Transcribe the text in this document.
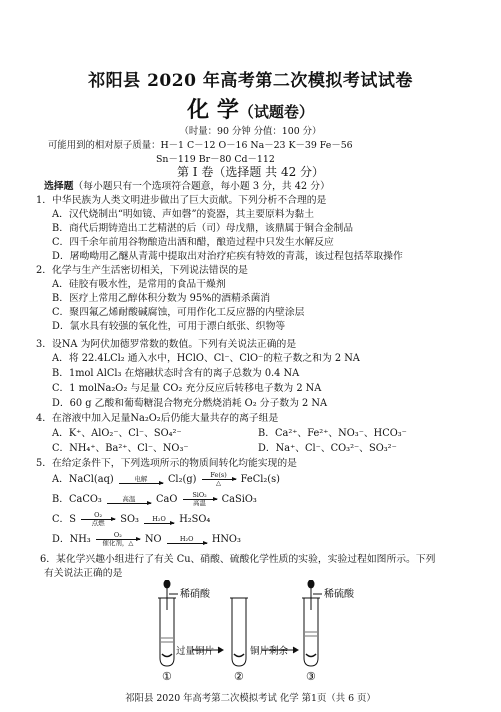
祁阳县 2020 年高考第二次模拟考试试卷
化 学（试题卷）
（时量：90 分钟 分值：100 分）
可能用到的相对原子质量：H－1 C－12 O－16 Na－23 K－39 Fe－56
Sn－119 Br－80 Cd－112
第 I 卷（选择题 共 42 分）
选择题（每小题只有一个选项符合题意，每小题 3 分，共 42 分）
1．中华民族为人类文明进步做出了巨大贡献。下列分析不合理的是
A．汉代烧制出“明如镜、声如磬”的瓷器，其主要原料为黏土
B．商代后期铸造出工艺精湛的后（司）母戊鼎，该鼎属于铜合金制品
C．四千余年前用谷物酿造出酒和醋，酿造过程中只发生水解反应
D．屠呦呦用乙醚从青蒿中提取出对治疗疟疾有特效的青蒿，该过程包括萃取操作
2．化学与生产生活密切相关，下列说法错误的是
A．硅胶有吸水性，是常用的食品干燥剂
B．医疗上常用乙醇体积分数为 95%的酒精杀菌消
C．聚四氟乙烯耐酸碱腐蚀，可用作化工反应器的内壁涂层
D．氯水具有较强的氧化性，可用于漂白纸张、织物等
3．设NA 为阿伏加德罗常数的数值。下列有关说法正确的是
A．将 22.4LCl₂ 通入水中，HClO、Cl⁻、ClO⁻的粒子数之和为 2 NA
B．1mol AlCl₃ 在熔融状态时含有的离子总数为 0.4 NA
C．1 molNa₂O₂ 与足量 CO₂ 充分反应后转移电子数为 2 NA
D．60 g 乙酸和葡萄糖混合物充分燃烧消耗 O₂ 分子数为 2 NA
4．在溶液中加入足量Na₂O₂后仍能大量共存的离子组是
A．K⁺、AlO₂⁻、Cl⁻、SO₄²⁻	B．Ca²⁺、Fe²⁺、NO₃⁻、HCO₃⁻
C．NH₄⁺、Ba²⁺、Cl⁻、NO₃⁻	D．Na⁺、Cl⁻、CO₃²⁻、SO₃²⁻
5．在给定条件下，下列选项所示的物质间转化均能实现的是
A．NaCl(aq)	电解	Cl₂(g)	Fe(s)
△	FeCl₂(s)
B．CaCO₃	高温	CaO	SiO₂
高温	CaSiO₃
C．S	O₂
点燃	SO₃	H₂O	H₂SO₄
D．NH₃	O₂
催化剂，△	NO	H₂O	HNO₃
6．某化学兴趣小组进行了有关 Cu、硝酸、硫酸化学性质的实验，实验过程如图所示。下列
有关说法正确的是
稀硝酸	稀硫酸
过量铜片	铜片剩余
①	②	③
祁阳县 2020 年高考第二次模拟考试 化学 第1页（共 6 页）
